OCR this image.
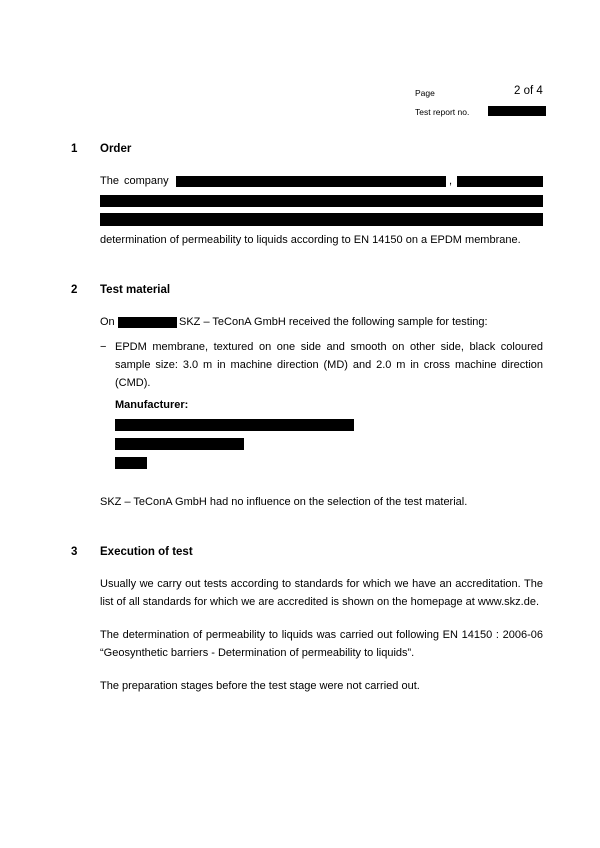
Page	2 of 4
Test report no.
1 Order
The company	,
determination of permeability to liquids according to EN 14150 on a EPDM membrane.
2 Test material
On	SKZ – TeConA GmbH received the following sample for testing:
− EPDM membrane, textured on one side and smooth on other side, black coloured
sample size: 3.0 m in machine direction (MD) and 2.0 m in cross machine direction
(CMD).
Manufacturer:
SKZ – TeConA GmbH had no influence on the selection of the test material.
3 Execution of test
Usually we carry out tests according to standards for which we have an accreditation. The
list of all standards for which we are accredited is shown on the homepage at www.skz.de.
The determination of permeability to liquids was carried out following EN 14150 : 2006-06
“Geosynthetic barriers - Determination of permeability to liquids”.
The preparation stages before the test stage were not carried out.
